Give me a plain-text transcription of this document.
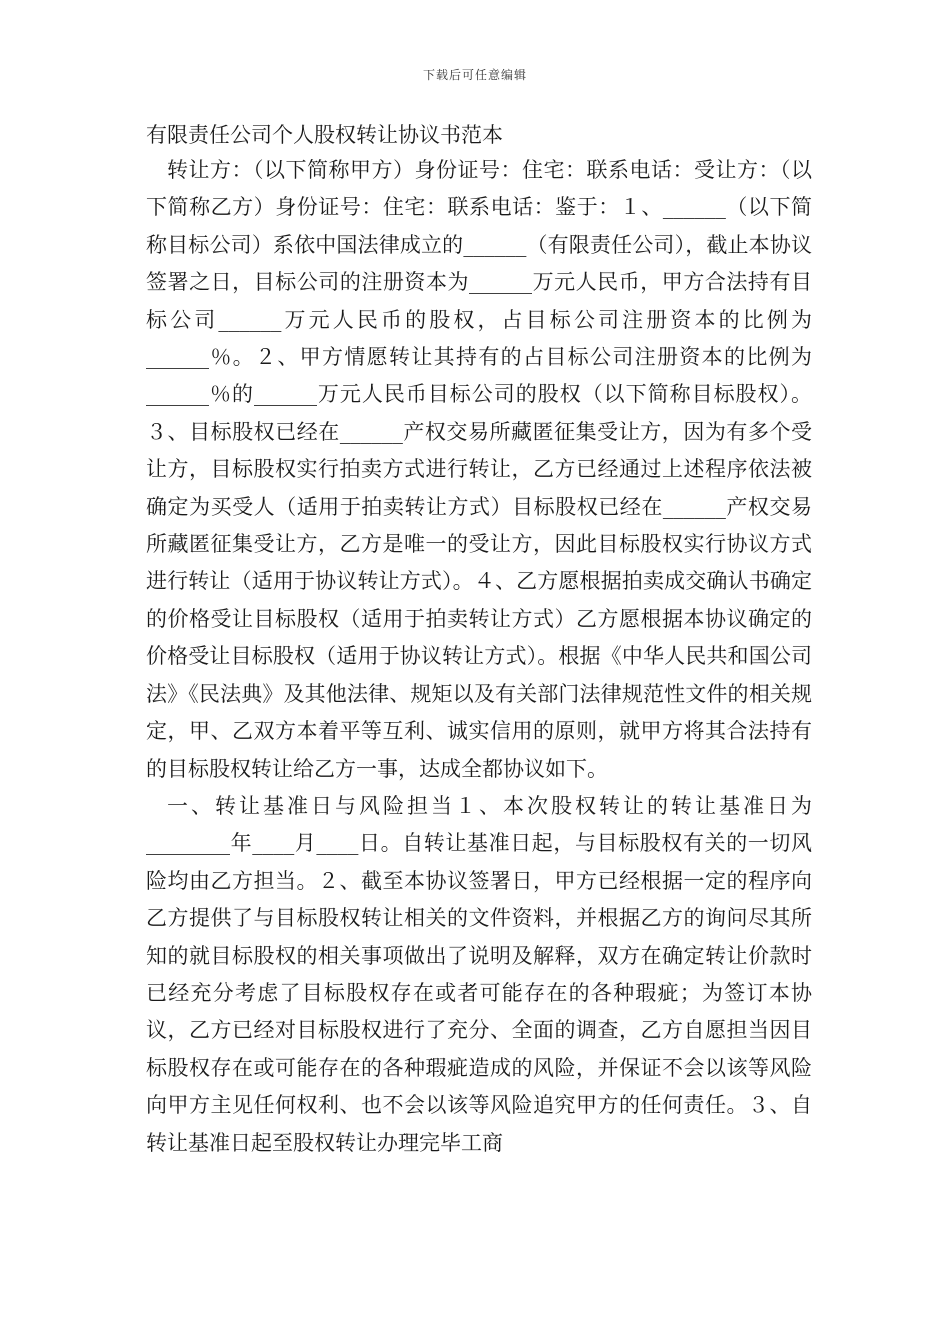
下载后可任意编辑
有限责任公司个人股权转让协议书范本

转让方：（以下简称甲方）身份证号：住宅：联系电话：受让方：（以下简称乙方）身份证号：住宅：联系电话：鉴于：１、______（以下简称目标公司）系依中国法律成立的______（有限责任公司），截止本协议签署之日，目标公司的注册资本为______万元人民币，甲方合法持有目标公司______万元人民币的股权，占目标公司注册资本的比例为______％。２、甲方情愿转让其持有的占目标公司注册资本的比例为______％的______万元人民币目标公司的股权（以下简称目标股权）。３、目标股权已经在______产权交易所藏匿征集受让方，因为有多个受让方，目标股权实行拍卖方式进行转让，乙方已经通过上述程序依法被确定为买受人（适用于拍卖转让方式）目标股权已经在______产权交易所藏匿征集受让方，乙方是唯一的受让方，因此目标股权实行协议方式进行转让（适用于协议转让方式）。４、乙方愿根据拍卖成交确认书确定的价格受让目标股权（适用于拍卖转让方式）乙方愿根据本协议确定的价格受让目标股权（适用于协议转让方式）。根据《中华人民共和国公司法》《民法典》及其他法律、规矩以及有关部门法律规范性文件的相关规定，甲、乙双方本着平等互利、诚实信用的原则，就甲方将其合法持有的目标股权转让给乙方一事，达成全都协议如下。

一、转让基准日与风险担当１、本次股权转让的转让基准日为________年____月____日。自转让基准日起，与目标股权有关的一切风险均由乙方担当。２、截至本协议签署日，甲方已经根据一定的程序向乙方提供了与目标股权转让相关的文件资料，并根据乙方的询问尽其所知的就目标股权的相关事项做出了说明及解释，双方在确定转让价款时已经充分考虑了目标股权存在或者可能存在的各种瑕疵；为签订本协议，乙方已经对目标股权进行了充分、全面的调查，乙方自愿担当因目标股权存在或可能存在的各种瑕疵造成的风险，并保证不会以该等风险向甲方主见任何权利、也不会以该等风险追究甲方的任何责任。３、自转让基准日起至股权转让办理完毕工商
